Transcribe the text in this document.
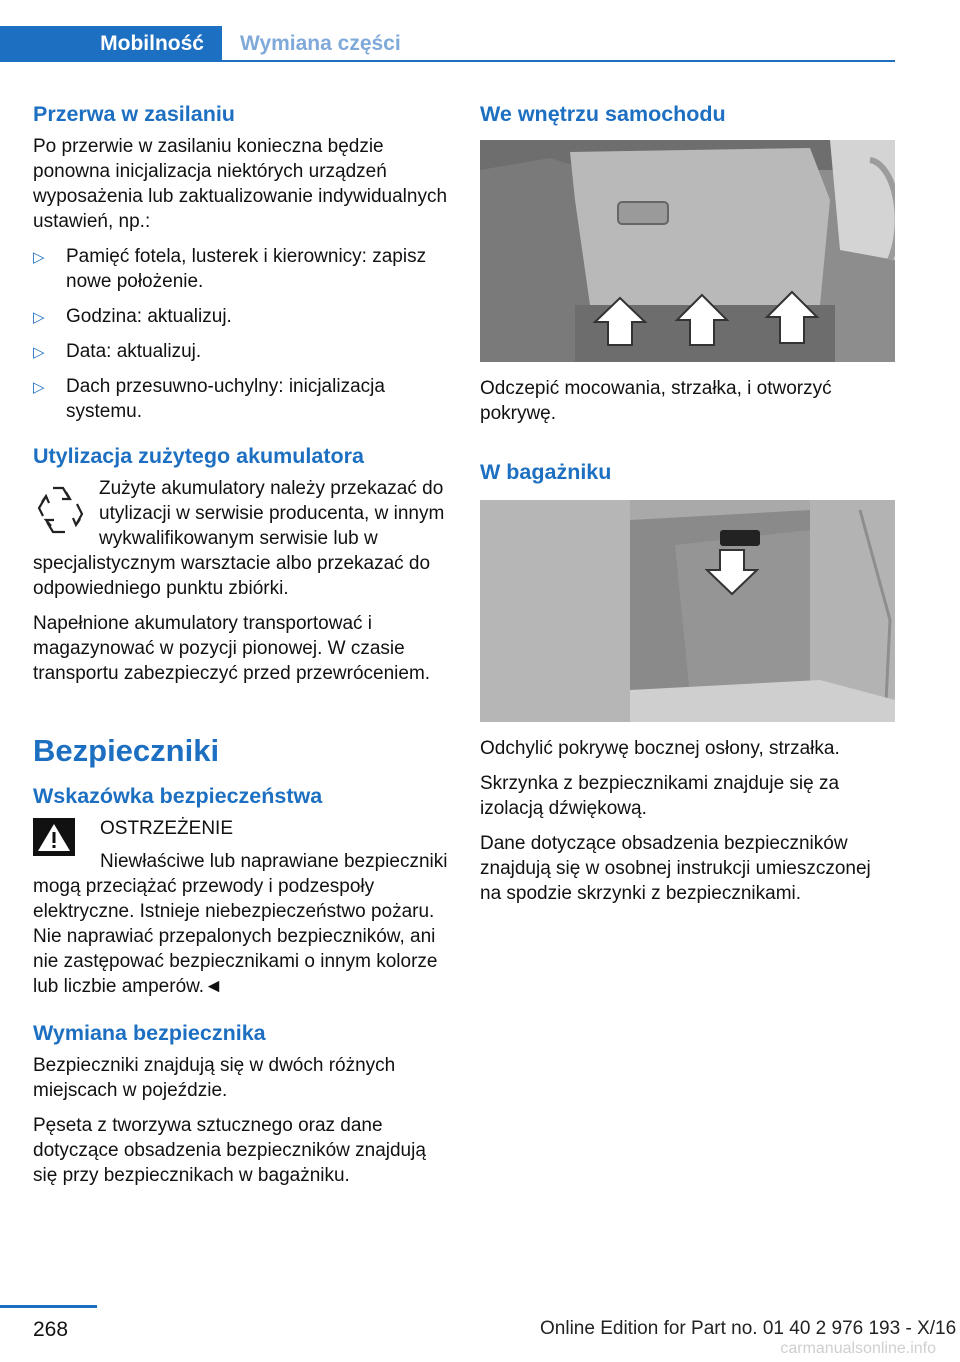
Mobilność	Wymiana części
Przerwa w zasilaniu

Po przerwie w zasilaniu konieczna będzie ponowna inicjalizacja niektórych urządzeń wyposażenia lub zaktualizowanie indywidualnych ustawień, np.:

▷ Pamięć fotela, lusterek i kierownicy: zapisz nowe położenie.
▷ Godzina: aktualizuj.
▷ Data: aktualizuj.
▷ Dach przesuwno-uchylny: inicjalizacja systemu.
Utylizacja zużytego akumulatora

Zużyte akumulatory należy przekazać do utylizacji w serwisie producenta, w innym wykwalifikowanym serwisie lub w specjalistycznym warsztacie albo przekazać do odpowiedniego punktu zbiórki.

Napełnione akumulatory transportować i magazynować w pozycji pionowej. W czasie transportu zabezpieczyć przed przewróceniem.

Bezpieczniki
Wskazówka bezpieczeństwa

OSTRZEŻENIE

Niewłaściwe lub naprawiane bezpieczniki mogą przeciążać przewody i podzespoły elektryczne. Istnieje niebezpieczeństwo pożaru. Nie naprawiać przepalonych bezpieczników, ani nie zastępować bezpiecznikami o innym kolorze lub liczbie amperów.◄

Wymiana bezpiecznika

Bezpieczniki znajdują się w dwóch różnych miejscach w pojeździe.

Pęseta z tworzywa sztucznego oraz dane dotyczące obsadzenia bezpieczników znajdują się przy bezpiecznikach w bagażniku.

We wnętrzu samochodu

Odczepić mocowania, strzałka, i otworzyć pokrywę.

W bagażniku

Odchylić pokrywę bocznej osłony, strzałka.

Skrzynka z bezpiecznikami znajduje się za izolacją dźwiękową.

Dane dotyczące obsadzenia bezpieczników znajdują się w osobnej instrukcji umieszczonej na spodzie skrzynki z bezpiecznikami.

268	Online Edition for Part no. 01 40 2 976 193 - X/16
carmanualsonline.info
